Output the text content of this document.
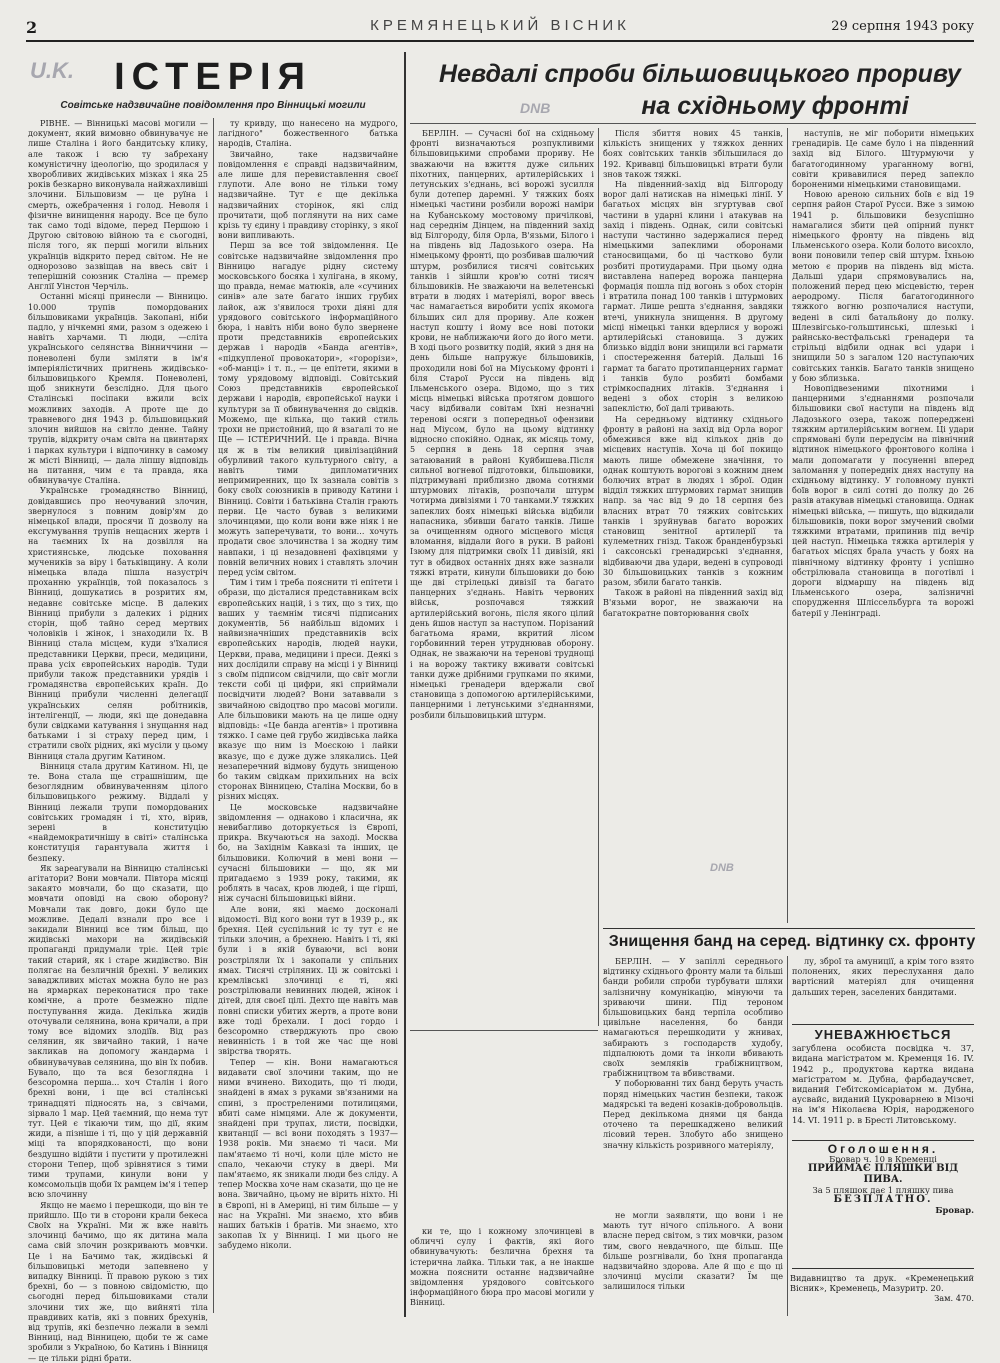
2	КРЕМЯНЕЦЬКИЙ ВІСНИК	29 серпня 1943 року
U.K.
DNB
DNB
ІСТЕРІЯ
Совітське надзвичайне повідомлення про Вінницькі могили

РІВНЕ. — Вінницькі масові могили — документ, який вимовно обвинувачує не лише Сталіна і його бандитську клику, але також і всю ту забрехану комуністичну ідеологію, що зродилася у хворобливих жидівських мізках і яка 25 років безкарно виконувала найжахливіші злочини. Більшовизм — це руїна і смерть, ожебрачення і голод. Неволя і фізичне винищення народу. Все це було так само тоді відоме, перед Першою і Другою світовою війною та є сьогодні, після того, як перші могили вільних українців відкрито перед світом. Не не однорозово зазвіщав на ввесь світ і теперішній союзник Сталіна — премєр Англії Уінстон Черчіль.

Останні місяці принесли — Вінницю. 10.000 трупів помордованих більшовиками українців. Закопані, ніби падло, у нічкемні ями, разом з одежею і навіть харчами. Ті люди, —сліта українського селянства Вінниччини — поневолені були зміляти в ім'я імперіялістичних пригнень жидівсько-більшовицького Кремля. Поневолені, щоб зникнути безслідно. Для цього Сталінські посіпаки вжили всіх можливих заходів. А проте ще до травневого дня 1943 р. більшовицький злочин вийшов на світло денне. Тайну трупів, відкриту очам світа на цвинтарях і парках культури і відпочинку в самому ж місті Вінниці, — дала ліпшу відповідь на питання, чим є та правда, яка обвинувачує Сталіна.

Українське громадянство Вінниці, довідавшись про неочуваний злочин, звернулося з повним довір'ям до німецької влади, просячи її дозволу на ексгумування трупів нещасних жертв і на таємних їх на дозвілля на християнське, людське поховання мучеників за віру і батьківщину. А коли німецька влада пішла назустріч проханню українців, той показалось з Вінниці, дошукатись в розритих ям, недавнє совітське місце. В далеких Вінниці прибули з далеких і рідних сторін, щоб тайно серед мертвих чоловіків і жінок, і знаходили їх. В Вінниці стала місцем, куди з'їхалися представники Церкви, преси, медицини, права усіх європейських народів. Туди прибули також представники урядів і громадянства європейських країн. До Вінниці прибули численні делегації українських селян робітників, інтелігенції, — люди, які ще донедавна були свідками катування і знущання над батьками і зі страху перед цим, і стратили своїх рідних, які мусіли у цьому Вінниця стала другим Катином.

Вінниця стала другим Катином. Ні, це те. Вона стала ще страшнішим, ще безоглядним обвинуваченням цілого більшовицького режиму. Віддалі у Вінниці лежали трупи помордованих совітських громадян і ті, хто, вірив, зерені в конституцію «найдемократичнішу в світі» сталінська конституція гарантувала життя і безпеку.

Як зареагували на Вінницю сталінські агітатори? Вони мовчали. Півтора місяці закаято мовчали, бо що сказати, що мовчати оповіді на свою оборону? Мовчали так довго, доки було ще можливе. Дедалі взнали про все і закидали Вінниці все тим більш, що жидівські махори на жидівській пропаганді придумали тріє. Цей тріє такий старий, як і старе жидівство. Він полягає на безличній брехні. У великих заваджливих містах можна було не раз на ярмарках переконатися про таке комічне, а проте безмежно підле поступування жида. Декілька жидів оточували селянина, вона кричали, а при тому все відомих злодіїв. Від раз селянин, як звичайно такий, і наче закликав на допомогу жандарма і обвинувачував селянина, що він їх побив. Бувало, що та вся безоглядна і безсоромна перша... хоч Сталін і його брехні вони, і ще всі сталінські тринадцяті підносять на, з свічами, зірвало 1 мар. Цей таємний, що нема тут тут. Цей є тікаючи тим, що дії, яким жиди, а пізніше і ті, що у цій державній міці та впорядкованості, що вони бездушно відійти і пустити у протилежні сторони Тепер, щоб зрівнятися з тими тими трупами, кинули вони у комсомольців щоби їх рамцем ім'я і тепер всю злочинну

Якщо не маємо і перешкоди, що він те прийшло. Що ти в сторони крали бекеса Своїх на Україні. Ми ж вже навіть злочинці бачимо, що як дитина мала сама свій злочин розкривають мовчки. Це і на Бачимо так, жидівські й більшовицькі методи запевнено у випадку Вінниці. Її правою рукою з тих брехні, бо — з повною свідомістю, що сьогодні перед більшовиками стали злочини тих же, що вийняті тіла правдивих катів, які з повних брехунів, від трупів, які безпечно лежали в землі Вінниці, над Вінницею, щоби те ж саме зробили з Україною, бо Катинь і Вінниця — це тільки рідні брати.

ту кривду, що нанесено на мудрого, лагідного" божественного батька народів, Сталіна.

Звичайно, таке надзвичайне повідомлення є справді надзвичайним, але лише для перевиставлення своєї глупоти. Але воно не тільки тому надзвичайне. Тут є ще декілька надзвичайних сторінок, які слід прочитати, щоб поглянути на них саме крізь ту єдину і правдиву сторінку, з якої вони випливають.

Перш за все той звідомлення. Це совітське надзвичайне звідомлення про Вінницю нагадує рідну систему московського босяка і хулігана, в якому, що правда, немає матюків, але «сучиних синів» але зате багато інших грубих лайок, аж з'явилося трохи діяні для урядового совітського інформаційного бюра, і навіть ніби воно було звернене проти представників європейських держав і народів «Банда агентів», «підкупленої провокатори», «горорізи», «об-манці» і т. п., — це епітети, якими в тому урядовому відповіді. Совітський Союз представників європейської держави і народів, європейської науки і культури за її обвинувачення до свідків. Можемо, ще кілька, що такий стиль трохи не пристойний, що й взагалі то не Ще — ІСТЕРИЧНИЙ. Це і правда. Вічна ця ж в тім великий цивілізаційний обурливий такого культурного світу, а навіть тими дипломатичних непримиренних, що їх зазнала совітів з боку своїх союзників в приводу Катини і Вінниці. Совіти і батьківна Сталін грають перви. Це часто бував з великими злочинцями, що коли вони вже ніяк і не можуть заперечувати, то вони... хочуть продати своє злочинства і за жодну тим навпаки, і ці незадовнені фахівцями у повній величних нових і ставлять злочин перед усім світом.

Тим і тим і треба пояснити ті епітети і образи, що дісталися представникам всіх європейських націй, і з тих, що з тих, що ваших у таємнім тисячі підписаних документів, 56 найбільш відомих і найвизначніших представників всіх європейських народів, людей науки, Церкви, права, медицини і преси. Деякі з них дослідили справу на місці і у Вінниці з своїм підписом свідчили, що світ могли тексти собі ці цифри, які сприймали посвідчити людей? Вони затаввали з звичайною свідоцтво про масові могили. Але більшовики мають на це лише одну відповідь: «Це банда агентів» і противна тяжко. І саме цей грубо жидівська лайка вказує що ним із Моєскою і лайки вказує, що є дуже дуже злякались. Цей незаперечний відмову будуть знищеною бо таким свідкам прихильних на всіх сторонах Вінницею, Сталіна Москви, бо в різних місцях.

Це московське надзвичайне звідомлення — однаково і класична, як невибагливо доторкується із Європі, прикра. Вкучаються на заході. Москва бо, на Західнім Кавказі та інших, це більшовики. Колючий в мені вони — сучасні більшовики — що, як ми пригадаємо з 1939 року, такими, як роблять в часах, кров людей, і ще гірші, ніж сучасні більшовицькі війни.

Але вони, які маємо досконалі відомості. Від кого вони тут в 1939 р., як брехня. Цей суспільний іс ту тут є не тільки злочин, а брехнею. Навіть і ті, які були і в якій буваючи, всі вони розстріляли їх і закопали у спільних ямах. Тисячі стріляних. Ці ж совітські і кремлівські злочинці є ті, які розстрілювали невинних людей, жінок і дітей, для своєї цілі. Дехто ще навіть мав повні списки убитих жертв, а проте вони вже тоді брехали. І досі гордо і безсоромно стверджують про свою невинність і в той же час ще нові звірства творять.

Тепер — кін. Вони намагаються видавати свої злочини таким, що не ними вчинено. Виходить, що ті люди, знайдені в ямах з руками зв'язаними на спині, з простреленими потилицями, вбиті саме німцями. Але ж документи, знайдені при трупах, листи, посвідки, квитанції — всі вони походять з 1937—1938 років. Ми знаємо ті часи. Ми пам'ятаємо ті ночі, коли ціле місто не спало, чекаючи стуку в двері. Ми пам'ятаємо, як зникали люди без сліду. А тепер Москва хоче нам сказати, що це не вона. Звичайно, цьому не вірить ніхто. Ні в Європі, ні в Америці, ні тим більше — у нас на Україні. Ми знаємо, хто вбив наших батьків і братів. Ми знаємо, хто закопав їх у Вінниці. І ми цього не забудемо ніколи.

Невдалі спроби більшовицького прориву
на східньому фронті

БЕРЛІН. — Сучасні бої на східньому фронті визначаються розпукливими більшовицькими спробами прориву. Не зважаючи на вжиття дуже сильних піхотних, панцерних, артилерійських і летунських з'єднань, всі ворожі зусилля були дотепер даремні. У тяжких боях німецькі частини розбили ворожі наміри на Кубанському мостовому причілкові, над середнім Дінцем, на південний захід від Білгороду, біля Орла, В'язьми, Білого і на південь від Ладозького озера. На німецькому фронті, що розбивав шалючий штурм, розбилися тисячі совітських танків і зійшли кров'ю сотні тисяч більшовиків. Не зважаючи на велетенські втрати в людях і матеріялі, ворог ввесь час намагається виробити успіх якомога більших сил для прориву. Але кожен наступ кошту і йому все нові потоки крови, не наближаючи його до його мети. В ході цього розвитку подій, який з дня на день більше напружує більшовиків, проходили нові бої на Міуському фронті і біля Старої Русси на південь від Ільменського озера. Відомо, що з тих місць німецькі війська протягом довшого часу відбивали совітам їхні незначні теренові осяги з попередньої офензиви над Міусом, було на цьому відтинку відносно спокійно. Однак, як місяць тому, 5 серпня в день 18 серпня зчав затаюваний в районі Куйбишева.Після сильної вогневої підготовки, більшовики, підтримувані приблизно двома сотнями штурмових літаків, розпочали штурм чотирма дивізіями і 70 танками.У тяжких запеклих боях німецькі війська відбили напасника, збивши багато танків. Лише за очищенням одного місцевого місця вломання, віддали його в руки. В районі Ізюму для підтримки своїх 11 дивізій, які тут в обидвох останніх днях вже зазнали тяжкі втрати, кинули більшовики до бою ще дві стрілецькі дивізії та багато панцерних з'єднань. Навіть червоних військ, розпочався тяжкий артилерійський вогонь, після якого цілий день йшов наступ за наступом. Порізаний багатьома ярами, вкритий лісом горбовинний терен утруднював оборону. Однак, не зважаючи на теренові труднощі і на ворожу тактику вживати совітські танки дуже дрібними групками по якими, німецькі гренадери вдержали свої становища з допомогою артилерійськими, панцерними і летунськими з'єднаннями, розбили більшовицький штурм.

Після збиття нових 45 танків, кількість знищених у тяжкох денних боях совітських танків збільшилася до 192. Кривавці більшовицькі втрати були знов також тяжкі.

На південний-захід від Білгороду ворог далі натискав на німецькі лінії. У багатьох місцях він згуртував свої частини в ударні клини і атакував на захід і південь. Однак, сили совітські наступи частинно задержалися перед німецькими запеклими оборонами станосвищами, бо ці частково були розбиті протиударами. При цьому одна виставлена наперед ворожа панцерна формація пошла під вогонь з обох сторін і втратила понад 100 танків і штурмових гармат. Лише решта з'єднання, завдяки втечі, уникнула знищення. В другому місці німецькі танки вдерлися у ворожі артилерійські становища. З дужих близько відділ вони знищили всі гармати і спостереження батерій. Дальші 16 гармат та багато протипанцерних гармат і танків було розбиті бомбами стрімкоспадних літаків. З'єднання і ведені з обох сторін з великою запеклістю, бої далі тривають.

На середньому відтинку східнього фронту в районі на захід від Орла ворог обмежився вже від кількох днів до місцевих наступів. Хоча ці бої покищо мають лише обмежене значіння, то однак коштують ворогові з кожним днем болючих втрат в людях і зброї. Один відділ тяжких штурмових гармат знищив напр. за час від 9 до 18 серпня без власних втрат 70 тяжких совітських танків і зруйнував багато ворожих становищ зенітної артилерії та кулеметних гнізд. Також бранденбурзькі і саксонські гренадирські з'єднання, відбиваючи два удари, ведені в супроводі 30 більшовицьких танків з кожним разом, збили багато танків.

Також в районі на південний захід від В'язьми ворог, не зважаючи на багатократне повторювання своїх

наступів, не міг поборити німецьких гренадирів. Це саме було і на південний захід від Білого. Штурмуючи у багатогодинному ураганному вогні, совіти кривавилися перед запекло бороненими німецькими становищами.

Новою ареною сильних боїв є від 19 серпня район Старої Русси. Вже з зимою 1941 р. більшовики безуспішно намагалися збити цей опірний пункт німецького фронту на південь від Ільменського озера. Коли болото висохло, вони поновили тепер свій штурм. Їхньою метою є прорив на південь від міста. Дальші удари спрямовувались на, положений перед цею місцевістю, терен аеродрому. Після багатогодинного тяжкого вогню розпочалися наступи, ведені в силі батальйону до полку. Шлезвігсько-гольштинські, шлезькі і райнсько-вестфальські гренадери та стрільці відбили однак всі удари і знищили 50 з загалом 120 наступаючих совітських танків. Багато танків знищено у бою зблизька.

Новопідвезеними піхотними і панцерними з'єднаннями розпочали більшовики свої наступи на південь від Ладозького озера, також попереджені тяжким артилерійським вогнем. Ці удари спрямовані були передусім на північний відтинок німецького фронтового коліна і мали допомагати у посуненні вперед заломання у попередніх днях наступу на східньому відтинку. У головному пункті боїв ворог в силі сотні до полку до 26 разів атакував німецькі становища. Однак німецькі війська, — пишуть, що відкидали більшовиків, поки ворог змучений своїми тяжкими втратами, припинив під вечір цей наступ. Німецька тяжка артилерія у багатьох місцях брала участь у боях на північному відтинку фронту і успішно обстрілювала становища в поготівлі і дороги відмаршу на південь від Ільменського озера, залізничні спорудження Шліссельбурга та ворожі батерії у Ленінграді.

ки те, що і кожному злочинцеві в обличчі сулу і фактів, які його обвинувачують: безлична брехня та істерична лайка. Тільки так, а не інакше можна пояснити останнє надзвичайне звідомлення урядового совітського інформаційного бюра про масові могили у Вінниці.

Знищення банд на серед. відтинку сх. фронту

БЕРЛІН. — У запіллі середнього відтинку східнього фронту мали та більші банди робили спроби турбувати шляхи залізничну комунікацію, мінуючи та зриваючи шини. Під тероном більшовицьких банд терпіла особливо цивільне населення, бо банди намагаються перешкодити у жнивах, забирають з господарств худобу, підпалюють доми та інколи вбивають своїх земляків грабіжництвом, грабіжництвом та вбивствами.

У поборюванні тих банд беруть участь поряд німецьких частин безпеки, також мадярські та ведені козаків-добровольців. Перед декількома днями ця банда оточено та перешкаджено великий лісовий терен. Злобуто або знищено значну кількість розривного матеріялу,

лу, зброї та амуниції, а крім того взято полонених, яких переслухання дало вартісний матеріял для очищення дальших терен, заселених бандитами.

УНЕВАЖНЮЄТЬСЯ
загублена особиста посвідка ч. 37, видана магістратом м. Кременця 16. IV. 1942 р., продуктова картка видана магістратом м. Дубна, фарбадаучсвет, виданий Гебітскомісаріатом м. Дубна, аусвайс, виданий Цукроварнею в Мізочі на ім'я Ніколаєва Юрія, народженого 14. VI. 1911 р. в Бресті Литовському.
Оголошення.
Бровар ч. 10 в Кременці
ПРИЙМАЄ ПЛЯШКИ ВІД ПИВА.
За 5 пляшок дає 1 пляшку пива
БЕЗПЛАТНО.
Бровар.
Видавництво та друк. «Кременецький Вісник», Кременець, Мазуритр. 20.
Зам. 470.

не могли заявляти, що вони і не мають тут нічого спільного. А вони власне перед світом, з тих мовчки, разом тим, свого невдачного, ще більш. Ще більше розгнівали, бо їхня пропаганда надзвичайно здорова. Але й що є що ці злочинці мусіли сказати? Їм ще залишилося тільки
